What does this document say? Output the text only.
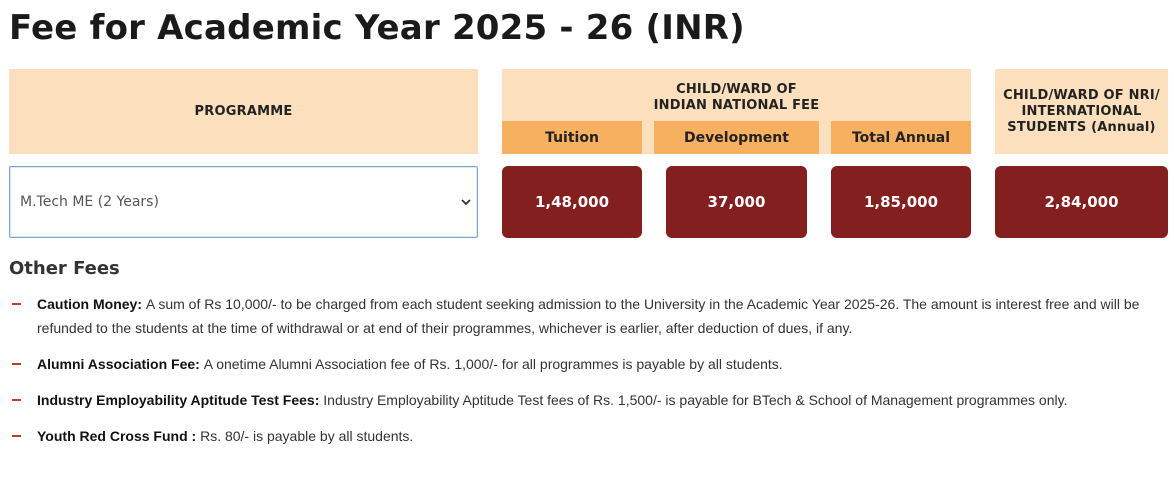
Fee for Academic Year 2025 - 26 (INR)
PROGRAMME
CHILD/WARD OF
INDIAN NATIONAL FEE
Tuition	Development	Total Annual
CHILD/WARD OF NRI/
INTERNATIONAL
STUDENTS (Annual)
M.Tech ME (2 Years)	1,48,000	37,000	1,85,000	2,84,000
Other Fees
Caution Money: A sum of Rs 10,000/- to be charged from each student seeking admission to the University in the Academic Year 2025-26. The amount is interest free and will be refunded to the students at the time of withdrawal or at end of their programmes, whichever is earlier, after deduction of dues, if any.
Alumni Association Fee: A onetime Alumni Association fee of Rs. 1,000/- for all programmes is payable by all students.
Industry Employability Aptitude Test Fees: Industry Employability Aptitude Test fees of Rs. 1,500/- is payable for BTech & School of Management programmes only.
Youth Red Cross Fund : Rs. 80/- is payable by all students.
